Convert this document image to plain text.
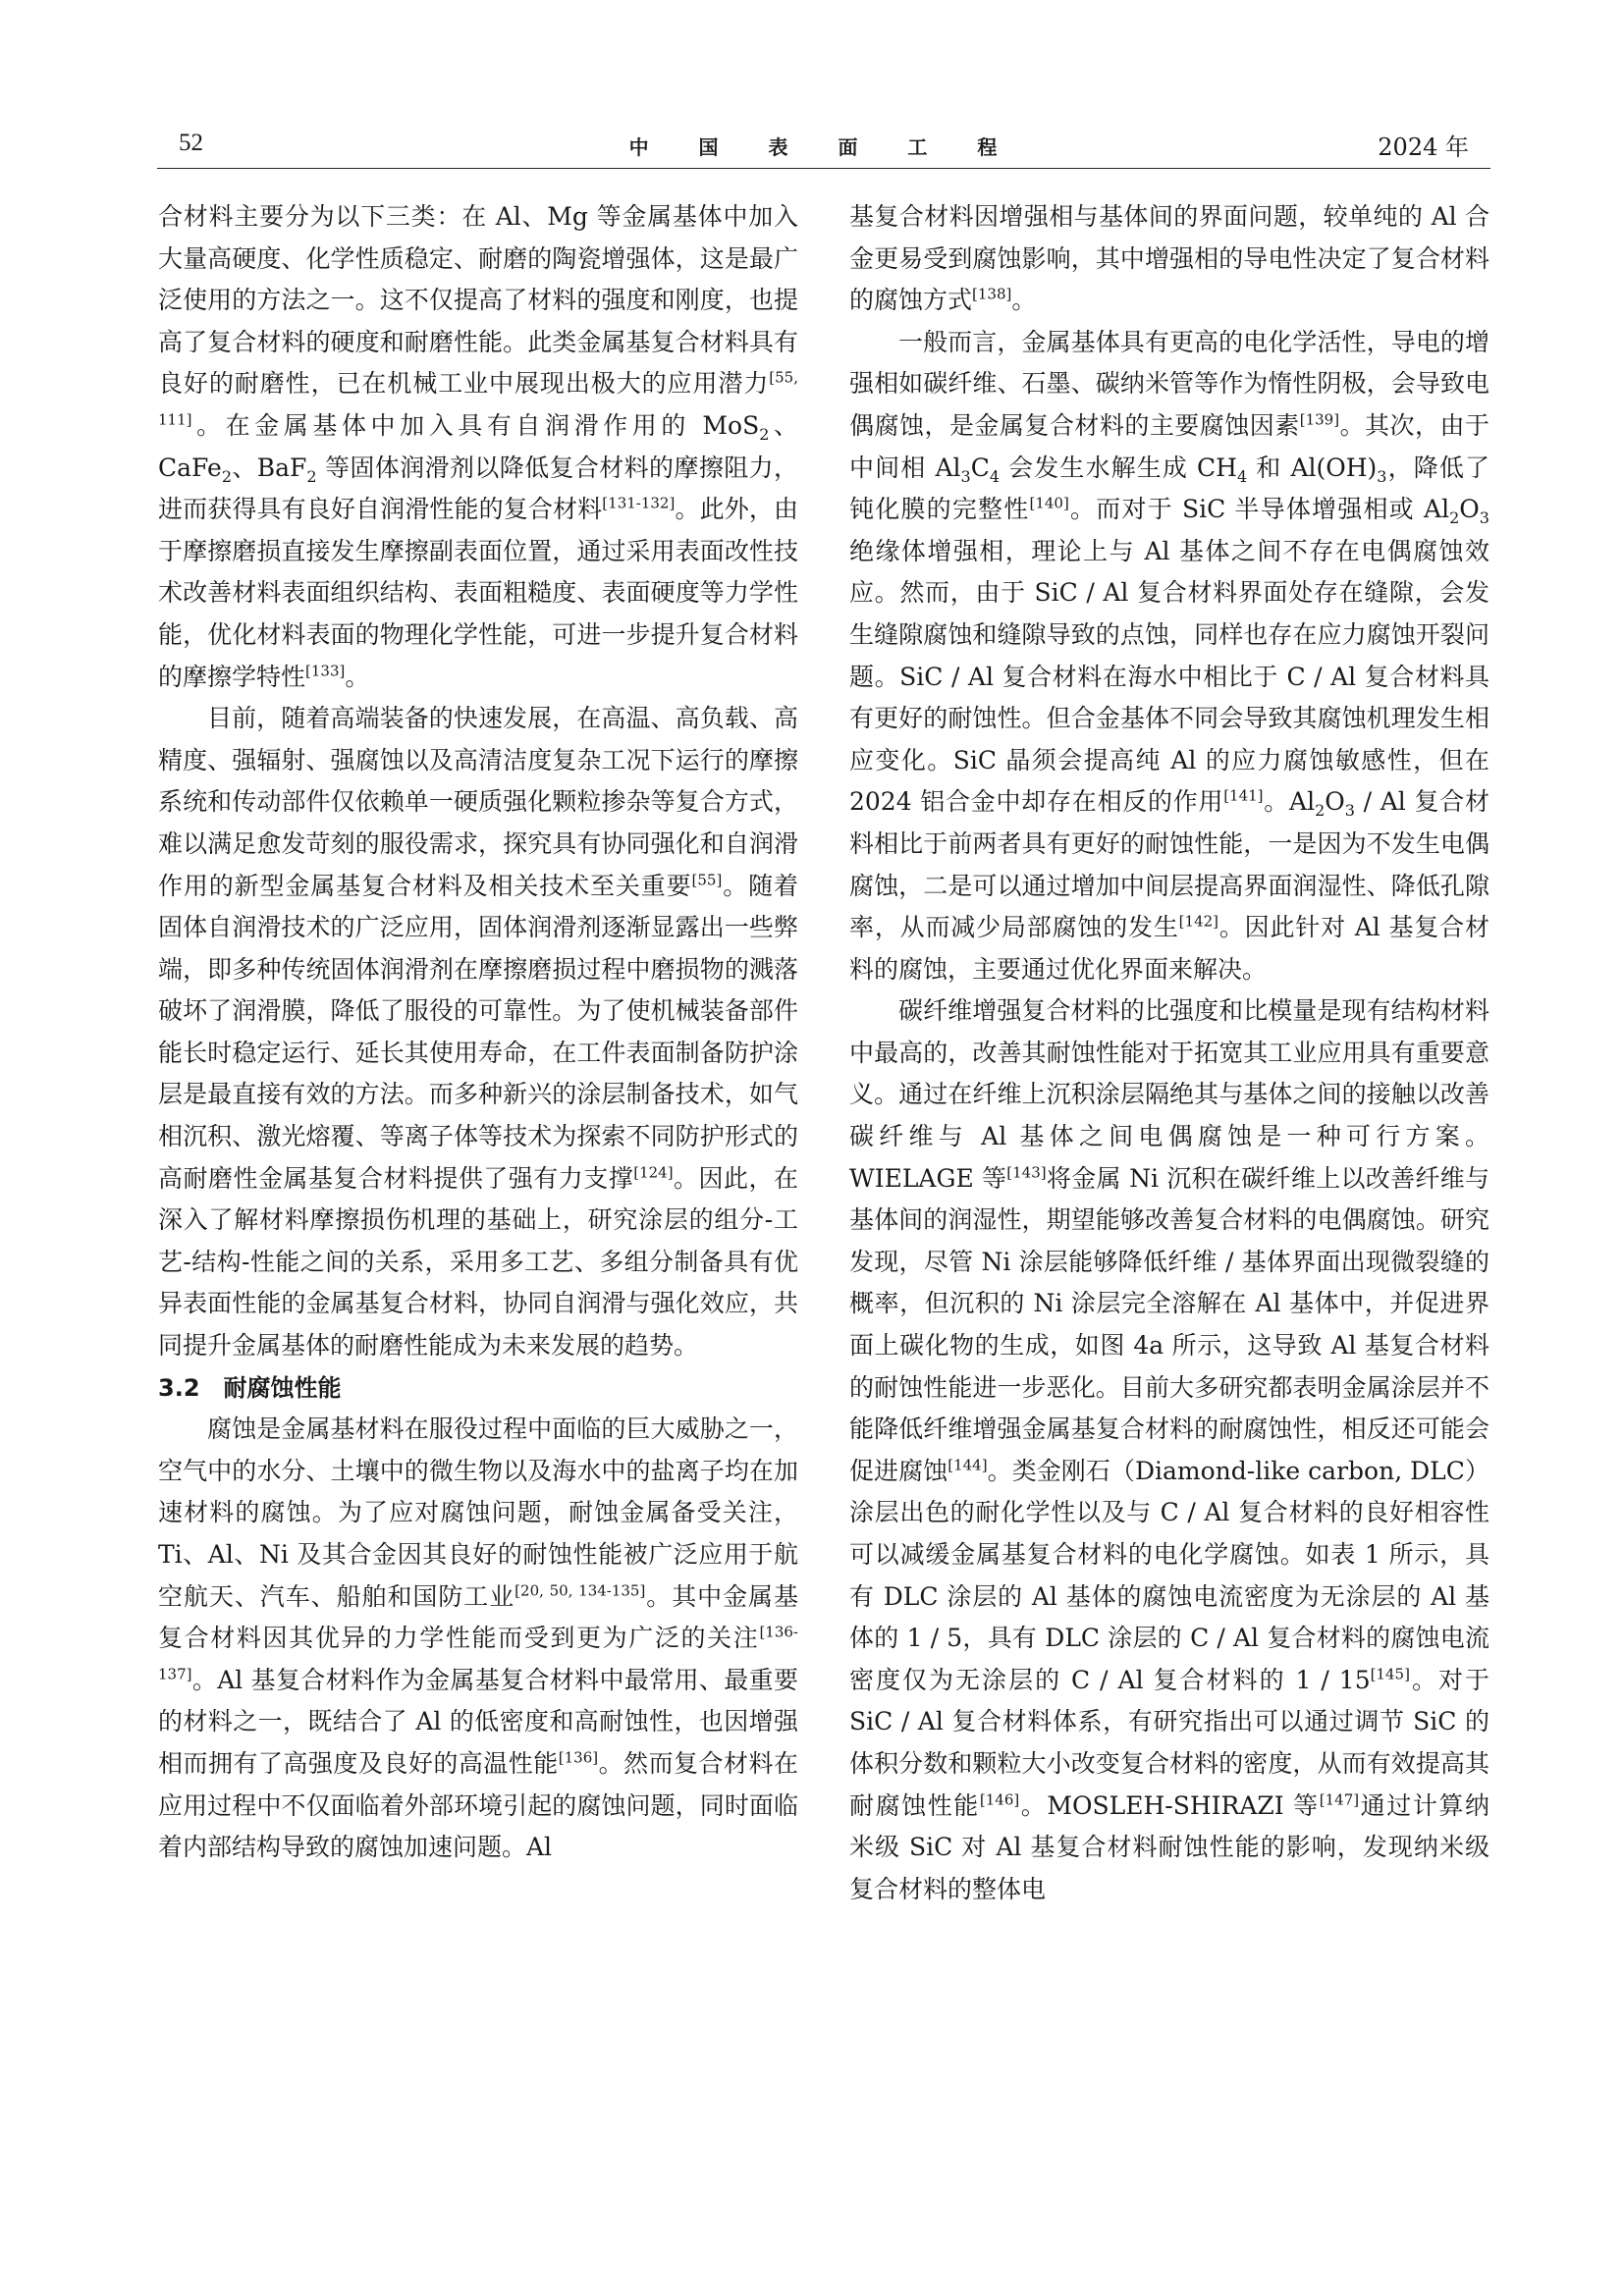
52	中 国 表 面 工 程	2024 年

合材料主要分为以下三类：在 Al、Mg 等金属基体中加入大量高硬度、化学性质稳定、耐磨的陶瓷增强体，这是最广泛使用的方法之一。这不仅提高了材料的强度和刚度，也提高了复合材料的硬度和耐磨性能。此类金属基复合材料具有良好的耐磨性，已在机械工业中展现出极大的应用潜力[55, 111]。在金属基体中加入具有自润滑作用的 MoS$_2$、CaFe$_2$、BaF$_2$ 等固体润滑剂以降低复合材料的摩擦阻力，进而获得具有良好自润滑性能的复合材料[131-132]。此外，由于摩擦磨损直接发生摩擦副表面位置，通过采用表面改性技术改善材料表面组织结构、表面粗糙度、表面硬度等力学性能，优化材料表面的物理化学性能，可进一步提升复合材料的摩擦学特性[133]。

目前，随着高端装备的快速发展，在高温、高负载、高精度、强辐射、强腐蚀以及高清洁度复杂工况下运行的摩擦系统和传动部件仅依赖单一硬质强化颗粒掺杂等复合方式，难以满足愈发苛刻的服役需求，探究具有协同强化和自润滑作用的新型金属基复合材料及相关技术至关重要[55]。随着固体自润滑技术的广泛应用，固体润滑剂逐渐显露出一些弊端，即多种传统固体润滑剂在摩擦磨损过程中磨损物的溅落破坏了润滑膜，降低了服役的可靠性。为了使机械装备部件能长时稳定运行、延长其使用寿命，在工件表面制备防护涂层是最直接有效的方法。而多种新兴的涂层制备技术，如气相沉积、激光熔覆、等离子体等技术为探索不同防护形式的高耐磨性金属基复合材料提供了强有力支撑[124]。因此，在深入了解材料摩擦损伤机理的基础上，研究涂层的组分-工艺-结构-性能之间的关系，采用多工艺、多组分制备具有优异表面性能的金属基复合材料，协同自润滑与强化效应，共同提升金属基体的耐磨性能成为未来发展的趋势。

3.2　耐腐蚀性能

腐蚀是金属基材料在服役过程中面临的巨大威胁之一，空气中的水分、土壤中的微生物以及海水中的盐离子均在加速材料的腐蚀。为了应对腐蚀问题，耐蚀金属备受关注，Ti、Al、Ni 及其合金因其良好的耐蚀性能被广泛应用于航空航天、汽车、船舶和国防工业[20, 50, 134-135]。其中金属基复合材料因其优异的力学性能而受到更为广泛的关注[136-137]。Al 基复合材料作为金属基复合材料中最常用、最重要的材料之一，既结合了 Al 的低密度和高耐蚀性，也因增强相而拥有了高强度及良好的高温性能[136]。然而复合材料在应用过程中不仅面临着外部环境引起的腐蚀问题，同时面临着内部结构导致的腐蚀加速问题。Al

基复合材料因增强相与基体间的界面问题，较单纯的 Al 合金更易受到腐蚀影响，其中增强相的导电性决定了复合材料的腐蚀方式[138]。

一般而言，金属基体具有更高的电化学活性，导电的增强相如碳纤维、石墨、碳纳米管等作为惰性阴极，会导致电偶腐蚀，是金属复合材料的主要腐蚀因素[139]。其次，由于中间相 $Al_3C_4$ 会发生水解生成 $CH_4$ 和 $Al(OH)_3$，降低了钝化膜的完整性[140]。而对于 SiC 半导体增强相或 $Al_2O_3$ 绝缘体增强相，理论上与 Al 基体之间不存在电偶腐蚀效应。然而，由于 SiC / Al 复合材料界面处存在缝隙，会发生缝隙腐蚀和缝隙导致的点蚀，同样也存在应力腐蚀开裂问题。SiC / Al 复合材料在海水中相比于 C / Al 复合材料具有更好的耐蚀性。但合金基体不同会导致其腐蚀机理发生相应变化。SiC 晶须会提高纯 Al 的应力腐蚀敏感性，但在 2024 铝合金中却存在相反的作用[141]。$Al_2O_3$ / Al 复合材料相比于前两者具有更好的耐蚀性能，一是因为不发生电偶腐蚀，二是可以通过增加中间层提高界面润湿性、降低孔隙率，从而减少局部腐蚀的发生[142]。因此针对 Al 基复合材料的腐蚀，主要通过优化界面来解决。

碳纤维增强复合材料的比强度和比模量是现有结构材料中最高的，改善其耐蚀性能对于拓宽其工业应用具有重要意义。通过在纤维上沉积涂层隔绝其与基体之间的接触以改善碳纤维与 Al 基体之间电偶腐蚀是一种可行方案。WIELAGE 等[143]将金属 Ni 沉积在碳纤维上以改善纤维与基体间的润湿性，期望能够改善复合材料的电偶腐蚀。研究发现，尽管 Ni 涂层能够降低纤维 / 基体界面出现微裂缝的概率，但沉积的 Ni 涂层完全溶解在 Al 基体中，并促进界面上碳化物的生成，如图 4a 所示，这导致 Al 基复合材料的耐蚀性能进一步恶化。目前大多研究都表明金属涂层并不能降低纤维增强金属基复合材料的耐腐蚀性，相反还可能会促进腐蚀[144]。类金刚石（Diamond-like carbon, DLC）涂层出色的耐化学性以及与 C / Al 复合材料的良好相容性可以减缓金属基复合材料的电化学腐蚀。如表 1 所示，具有 DLC 涂层的 Al 基体的腐蚀电流密度为无涂层的 Al 基体的 1 / 5，具有 DLC 涂层的 C / Al 复合材料的腐蚀电流密度仅为无涂层的 C / Al 复合材料的 1 / 15[145]。对于 SiC / Al 复合材料体系，有研究指出可以通过调节 SiC 的体积分数和颗粒大小改变复合材料的密度，从而有效提高其耐腐蚀性能[146]。MOSLEH-SHIRAZI 等[147]通过计算纳米级 SiC 对 Al 基复合材料耐蚀性能的影响，发现纳米级复合材料的整体电
